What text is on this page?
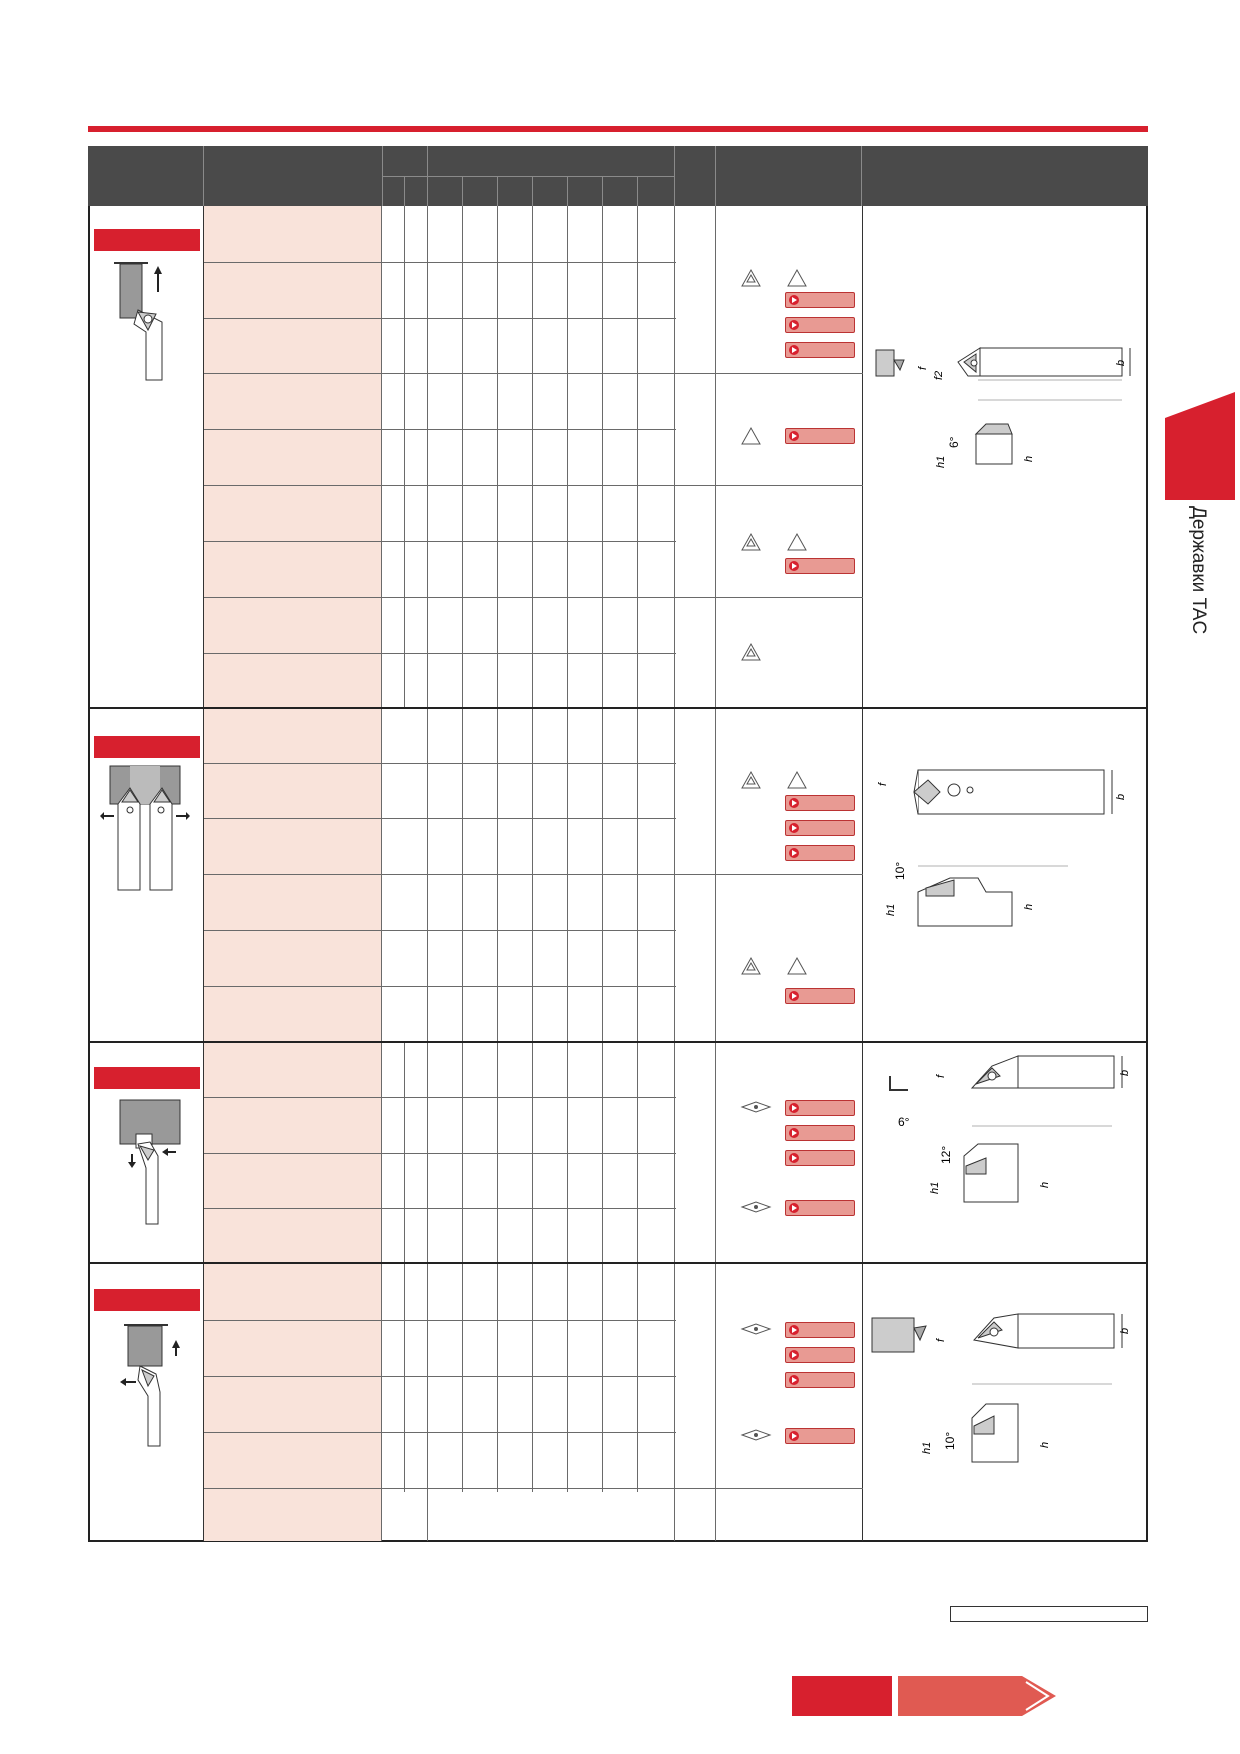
b
f
f2
6°
h1	h
b
f
10°
h1	h
b
f
6°
12°
h1	h
b
f
10°
h1	h
Державки TAC
